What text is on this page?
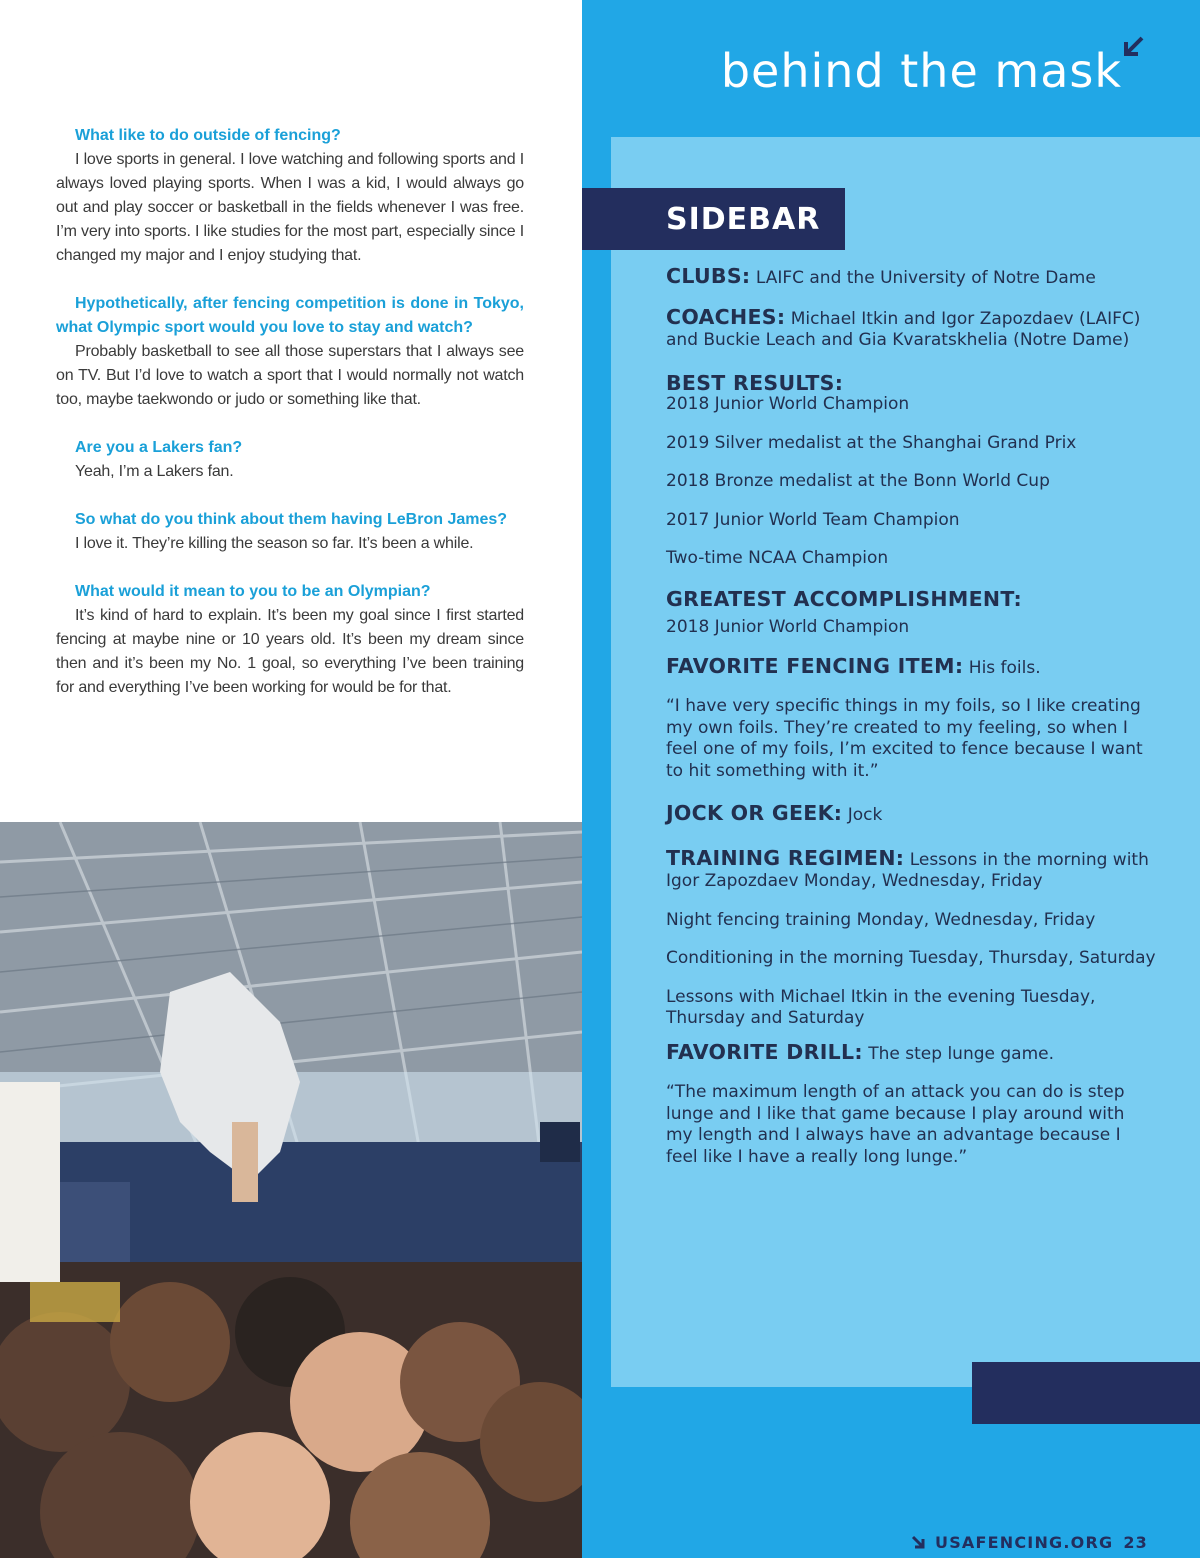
What like to do outside of fencing?

I love sports in general. I love watching and following sports and I always loved playing sports. When I was a kid, I would always go out and play soccer or basketball in the fields whenever I was free. I’m very into sports. I like studies for the most part, especially since I changed my major and I enjoy studying that.

Hypothetically, after fencing competition is done in Tokyo, what Olympic sport would you love to stay and watch?

Probably basketball to see all those superstars that I always see on TV. But I’d love to watch a sport that I would normally not watch too, maybe taekwondo or judo or something like that.

Are you a Lakers fan?

Yeah, I’m a Lakers fan.

So what do you think about them having LeBron James?

I love it. They’re killing the season so far. It’s been a while.

What would it mean to you to be an Olympian?

It’s kind of hard to explain. It’s been my goal since I first started fencing at maybe nine or 10 years old. It’s been my dream since then and it’s been my No. 1 goal, so everything I’ve been training for and everything I’ve been working for would be for that.

behind the mask
SIDEBAR

CLUBS: LAIFC and the University of Notre Dame

COACHES: Michael Itkin and Igor Zapozdaev (LAIFC) and Buckie Leach and Gia Kvaratskhelia (Notre Dame)

BEST RESULTS:

2018 Junior World Champion

2019 Silver medalist at the Shanghai Grand Prix

2018 Bronze medalist at the Bonn World Cup

2017 Junior World Team Champion

Two-time NCAA Champion

GREATEST ACCOMPLISHMENT:

2018 Junior World Champion

FAVORITE FENCING ITEM: His foils.

“I have very specific things in my foils, so I like creating my own foils. They’re created to my feeling, so when I feel one of my foils, I’m excited to fence because I want to hit something with it.”

JOCK OR GEEK: Jock

TRAINING REGIMEN: Lessons in the morning with Igor Zapozdaev Monday, Wednesday, Friday

Night fencing training Monday, Wednesday, Friday

Conditioning in the morning Tuesday, Thursday, Saturday

Lessons with Michael Itkin in the evening Tuesday, Thursday and Saturday

FAVORITE DRILL: The step lunge game.

“The maximum length of an attack you can do is step lunge and I like that game because I play around with my length and I always have an advantage because I feel like I have a really long lunge.”

USAFENCING.ORG 23
